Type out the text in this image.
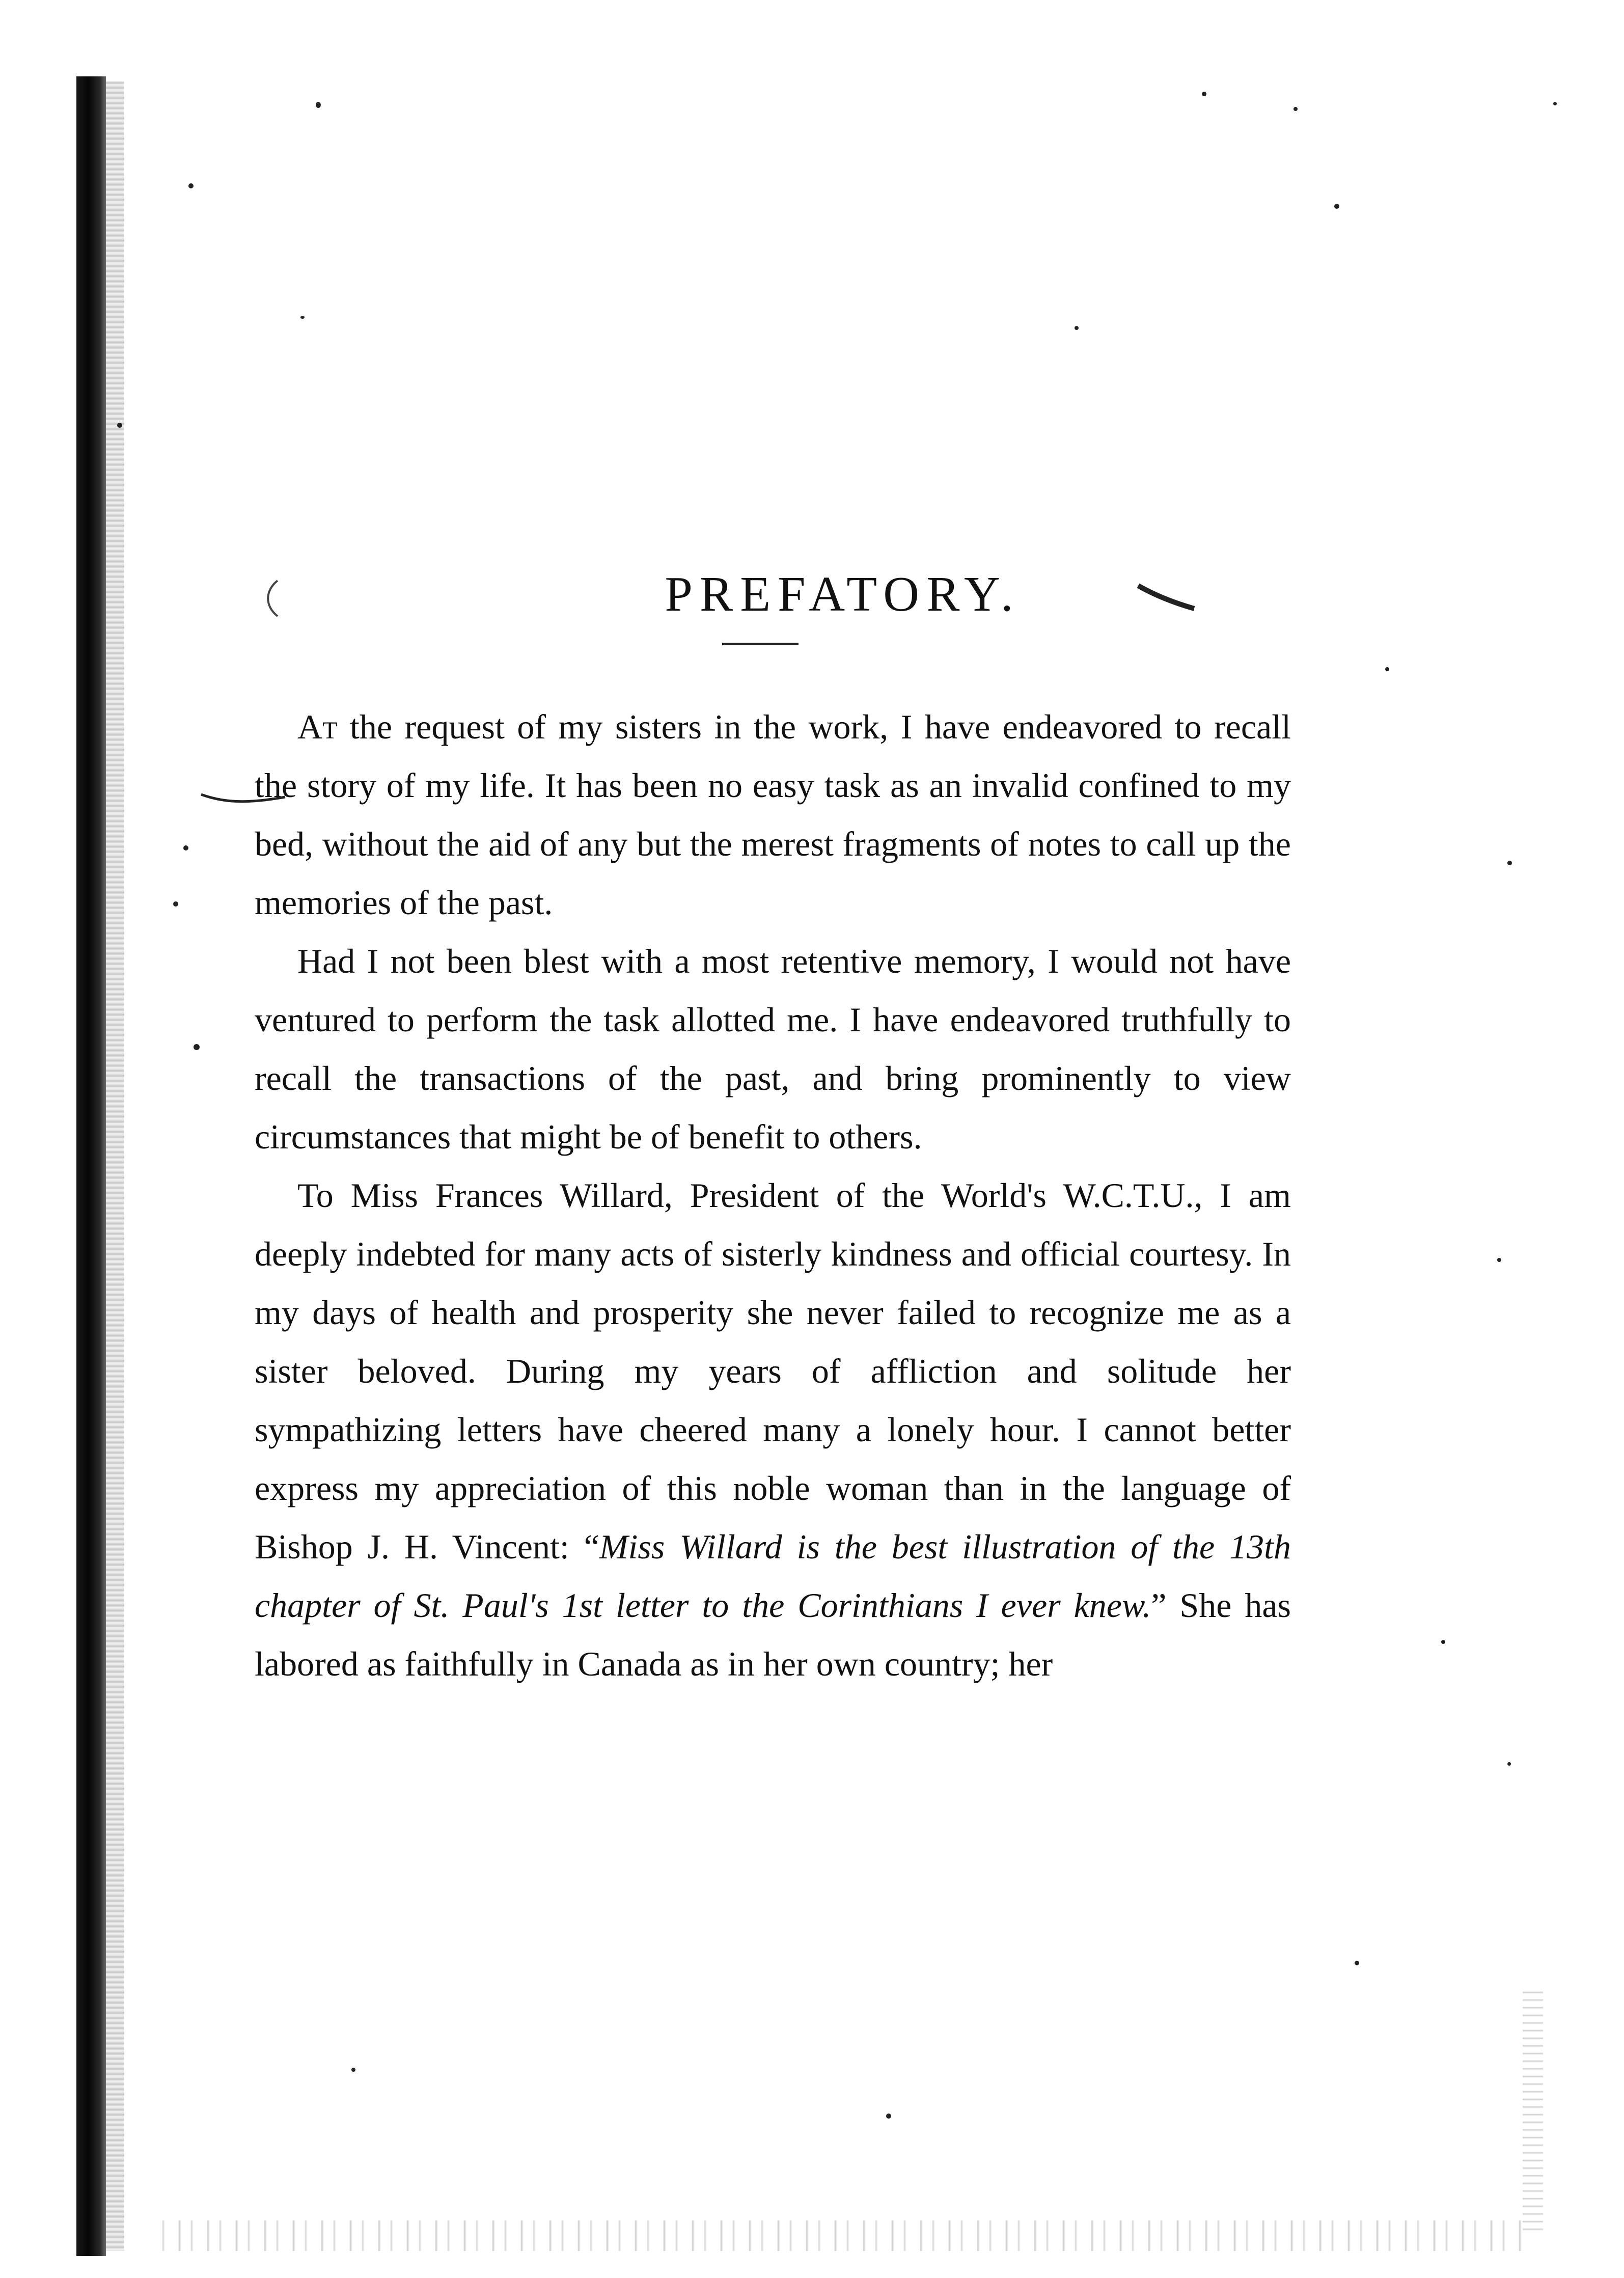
PREFATORY.

At the request of my sisters in the work, I have endeavored to recall the story of my life. It has been no easy task as an invalid confined to my bed, without the aid of any but the merest fragments of notes to call up the memories of the past.

Had I not been blest with a most retentive memory, I would not have ventured to perform the task allotted me. I have endeavored truthfully to recall the transactions of the past, and bring prominently to view circumstances that might be of benefit to others.

To Miss Frances Willard, President of the World's W.C.T.U., I am deeply indebted for many acts of sisterly kindness and official courtesy. In my days of health and prosperity she never failed to recognize me as a sister beloved. During my years of affliction and solitude her sympathizing letters have cheered many a lonely hour. I cannot better express my appreciation of this noble woman than in the language of Bishop J. H. Vincent: “Miss Willard is the best illustration of the 13th chapter of St. Paul's 1st letter to the Corinthians I ever knew.” She has labored as faithfully in Canada as in her own country; her
